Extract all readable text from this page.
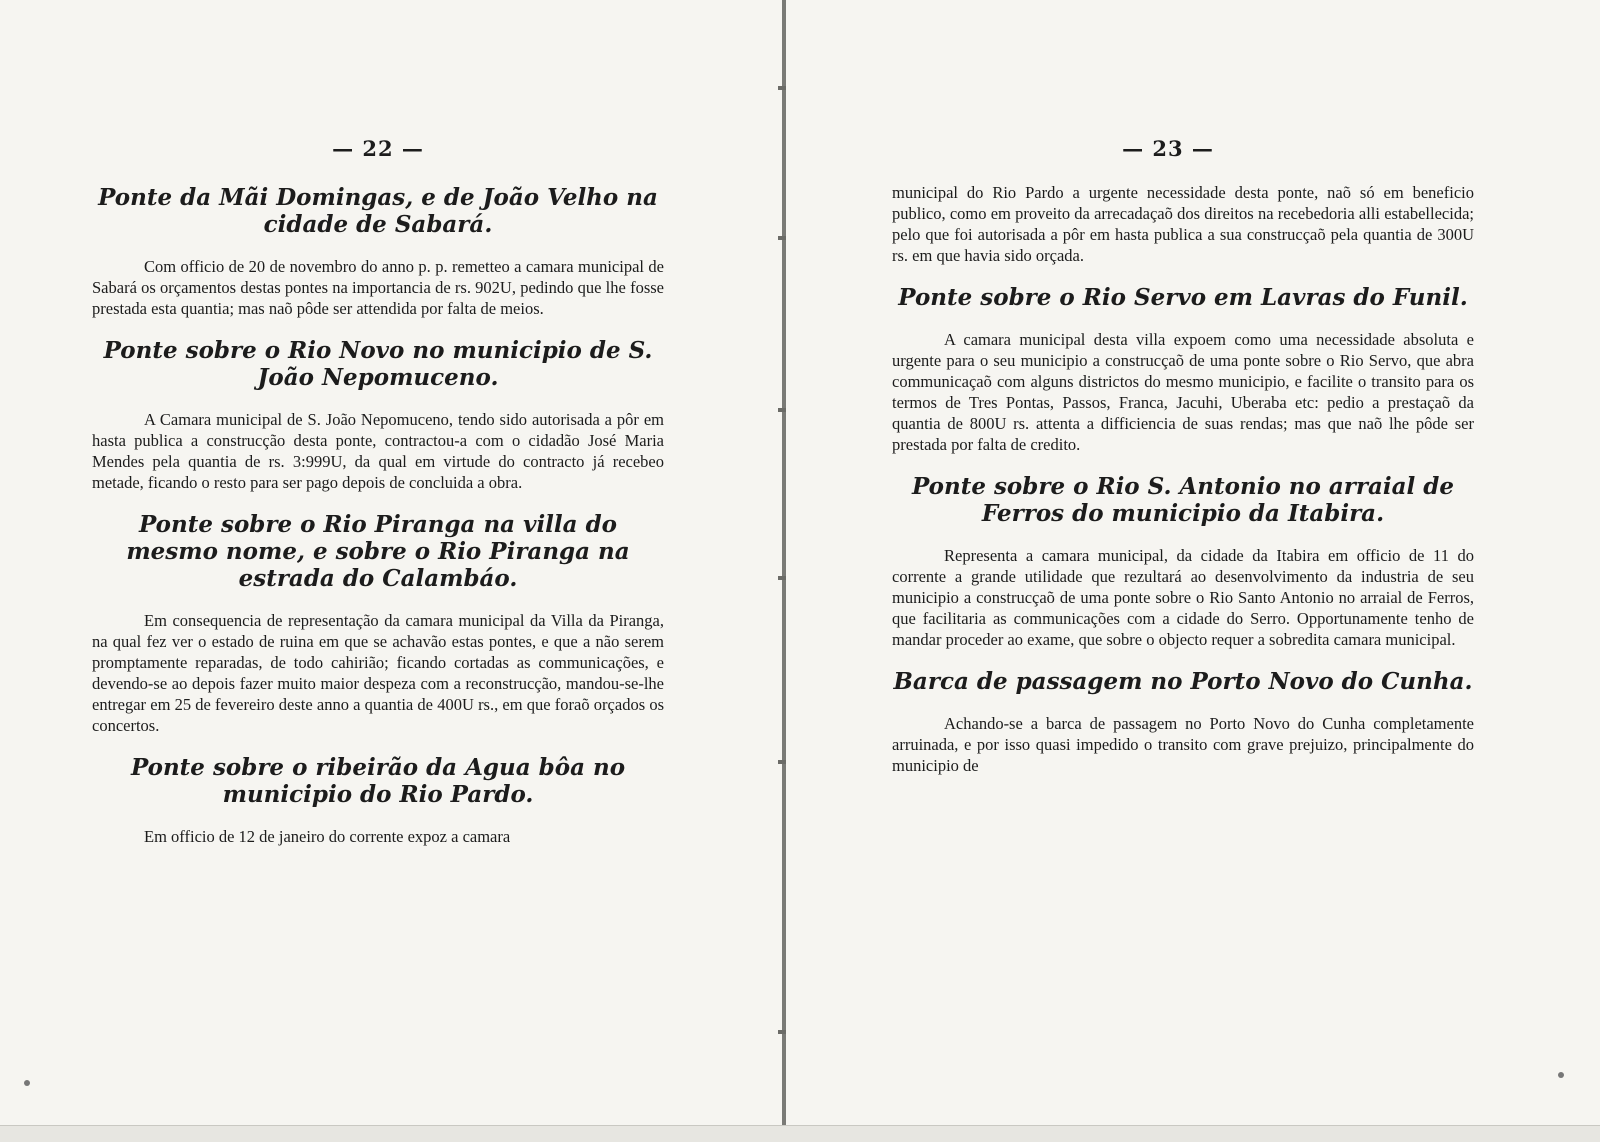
— 22 —
Ponte da Mãi Domingas, e de João Velho na cidade de Sabará.
Com officio de 20 de novembro do anno p. p. remetteo a camara municipal de Sabará os orçamentos destas pontes na importancia de rs. 902U, pedindo que lhe fosse prestada esta quantia; mas naõ pôde ser attendida por falta de meios.
Ponte sobre o Rio Novo no municipio de S. João Nepomuceno.
A Camara municipal de S. João Nepomuceno, tendo sido autorisada a pôr em hasta publica a construcção desta ponte, contractou-a com o cidadão José Maria Mendes pela quantia de rs. 3:999U, da qual em virtude do contracto já recebeo metade, ficando o resto para ser pago depois de concluida a obra.
Ponte sobre o Rio Piranga na villa do mesmo nome, e sobre o Rio Piranga na estrada do Calambáo.
Em consequencia de representação da camara municipal da Villa da Piranga, na qual fez ver o estado de ruina em que se achavão estas pontes, e que a não serem promptamente reparadas, de todo cahirião; ficando cortadas as communicações, e devendo-se ao depois fazer muito maior despeza com a reconstrucção, mandou-se-lhe entregar em 25 de fevereiro deste anno a quantia de 400U rs., em que foraõ orçados os concertos.
Ponte sobre o ribeirão da Agua bôa no municipio do Rio Pardo.
Em officio de 12 de janeiro do corrente expoz a camara
— 23 —
municipal do Rio Pardo a urgente necessidade desta ponte, naõ só em beneficio publico, como em proveito da arrecadaçaõ dos direitos na recebedoria alli estabellecida; pelo que foi autorisada a pôr em hasta publica a sua construcçaõ pela quantia de 300U rs. em que havia sido orçada.
Ponte sobre o Rio Servo em Lavras do Funil.
A camara municipal desta villa expoem como uma necessidade absoluta e urgente para o seu municipio a construcçaõ de uma ponte sobre o Rio Servo, que abra communicaçaõ com alguns districtos do mesmo municipio, e facilite o transito para os termos de Tres Pontas, Passos, Franca, Jacuhi, Uberaba etc: pedio a prestaçaõ da quantia de 800U rs. attenta a difficiencia de suas rendas; mas que naõ lhe pôde ser prestada por falta de credito.
Ponte sobre o Rio S. Antonio no arraial de Ferros do municipio da Itabira.
Representa a camara municipal, da cidade da Itabira em officio de 11 do corrente a grande utilidade que rezultará ao desenvolvimento da industria de seu municipio a construcçaõ de uma ponte sobre o Rio Santo Antonio no arraial de Ferros, que facilitaria as communicações com a cidade do Serro. Opportunamente tenho de mandar proceder ao exame, que sobre o objecto requer a sobredita camara municipal.
Barca de passagem no Porto Novo do Cunha.
Achando-se a barca de passagem no Porto Novo do Cunha completamente arruinada, e por isso quasi impedido o transito com grave prejuizo, principalmente do municipio de
